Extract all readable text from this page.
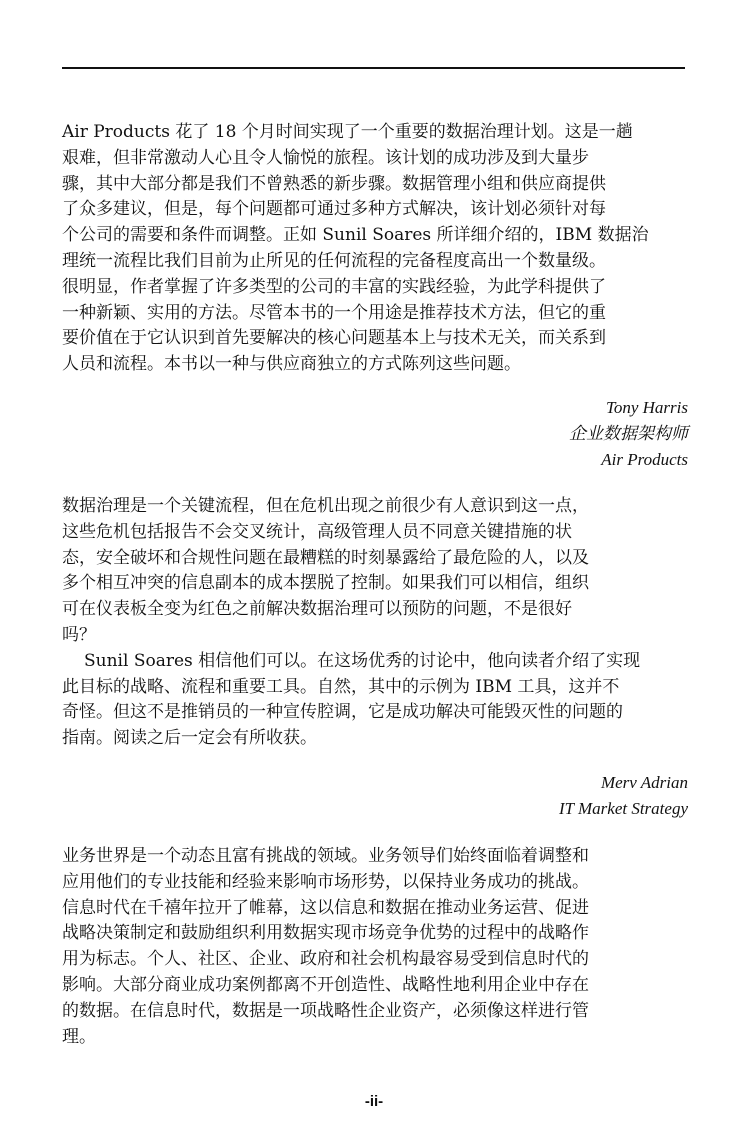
Air Products 花了 18 个月时间实现了一个重要的数据治理计划。这是一趟
艰难，但非常激动人心且令人愉悦的旅程。该计划的成功涉及到大量步
骤，其中大部分都是我们不曾熟悉的新步骤。数据管理小组和供应商提供
了众多建议，但是，每个问题都可通过多种方式解决，该计划必须针对每
个公司的需要和条件而调整。正如 Sunil Soares 所详细介绍的，IBM 数据治
理统一流程比我们目前为止所见的任何流程的完备程度高出一个数量级。
很明显，作者掌握了许多类型的公司的丰富的实践经验，为此学科提供了
一种新颖、实用的方法。尽管本书的一个用途是推荐技术方法，但它的重
要价值在于它认识到首先要解决的核心问题基本上与技术无关，而关系到
人员和流程。本书以一种与供应商独立的方式陈列这些问题。
Tony Harris
企业数据架构师
Air Products
数据治理是一个关键流程，但在危机出现之前很少有人意识到这一点，
这些危机包括报告不会交叉统计，高级管理人员不同意关键措施的状
态，安全破坏和合规性问题在最糟糕的时刻暴露给了最危险的人，以及
多个相互冲突的信息副本的成本摆脱了控制。如果我们可以相信，组织
可在仪表板全变为红色之前解决数据治理可以预防的问题，不是很好
吗？
Sunil Soares 相信他们可以。在这场优秀的讨论中，他向读者介绍了实现
此目标的战略、流程和重要工具。自然，其中的示例为 IBM 工具，这并不
奇怪。但这不是推销员的一种宣传腔调，它是成功解决可能毁灭性的问题的
指南。阅读之后一定会有所收获。
Merv Adrian
IT Market Strategy
业务世界是一个动态且富有挑战的领域。业务领导们始终面临着调整和
应用他们的专业技能和经验来影响市场形势，以保持业务成功的挑战。
信息时代在千禧年拉开了帷幕，这以信息和数据在推动业务运营、促进
战略决策制定和鼓励组织利用数据实现市场竞争优势的过程中的战略作
用为标志。个人、社区、企业、政府和社会机构最容易受到信息时代的
影响。大部分商业成功案例都离不开创造性、战略性地利用企业中存在
的数据。在信息时代，数据是一项战略性企业资产，必须像这样进行管
理。
-ii-
